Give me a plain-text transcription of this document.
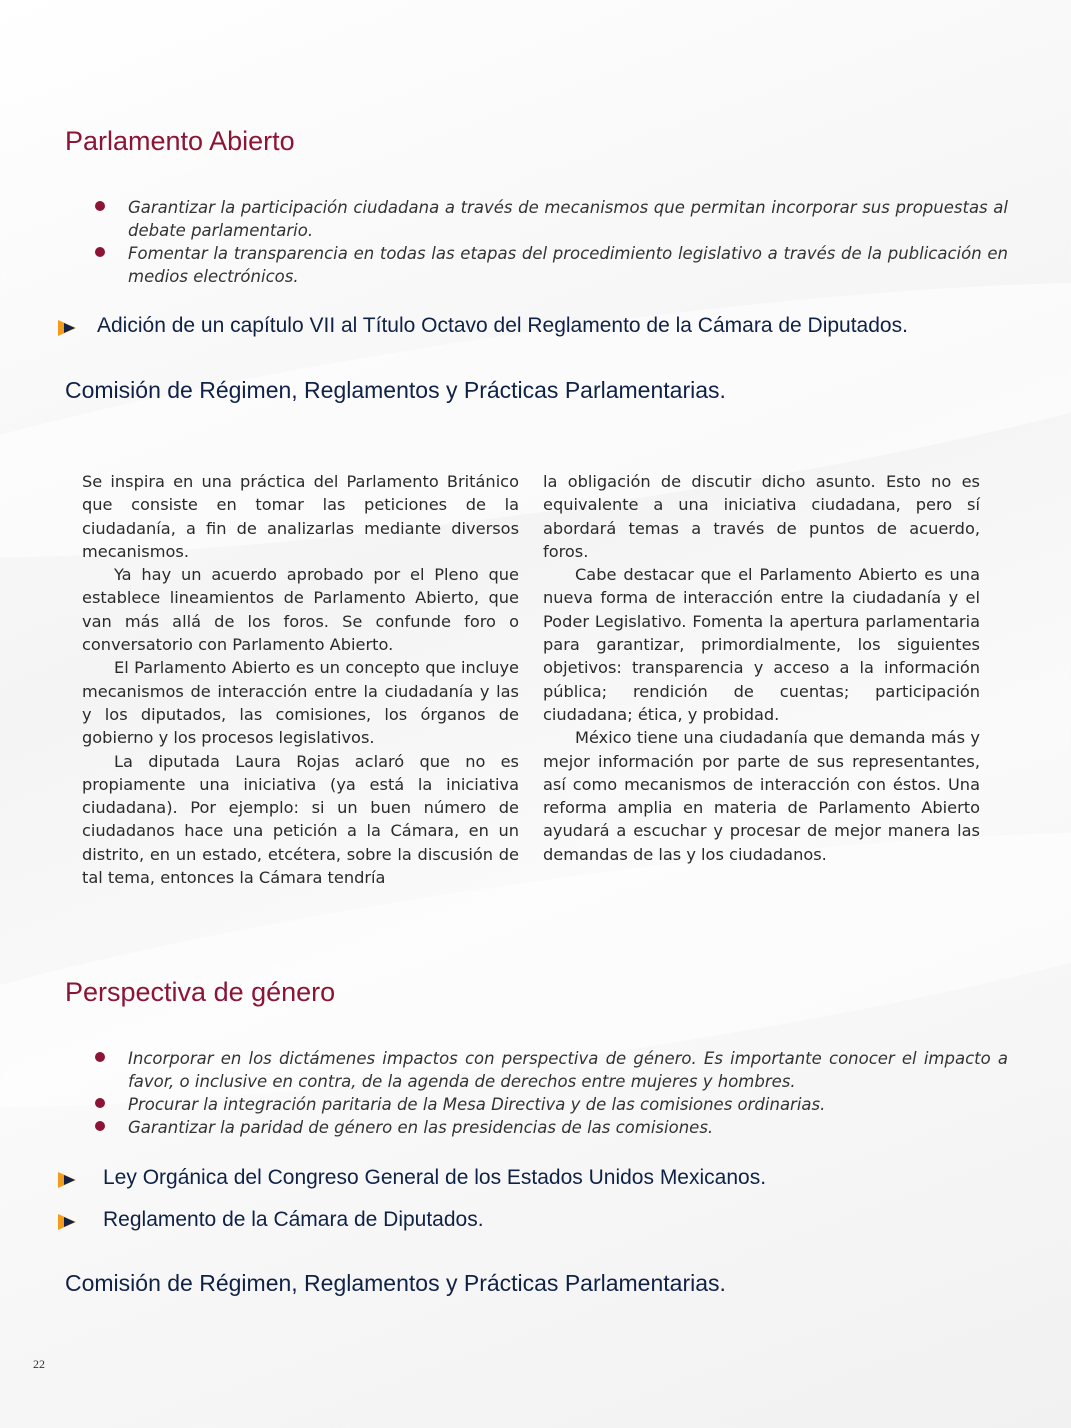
Parlamento Abierto
Garantizar la participación ciudadana a través de mecanismos que permitan incorporar sus propuestas al debate parlamentario.
Fomentar la transparencia en todas las etapas del procedimiento legislativo a través de la publicación en medios electrónicos.
Adición de un capítulo VII al Título Octavo del Reglamento de la Cámara de Diputados.

Comisión de Régimen, Reglamentos y Prácticas Parlamentarias.

Se inspira en una práctica del Parlamento Británico que consiste en tomar las peticiones de la ciudadanía, a fin de analizarlas mediante diversos mecanismos.

Ya hay un acuerdo aprobado por el Pleno que establece lineamientos de Parlamento Abierto, que van más allá de los foros. Se confunde foro o conversatorio con Parlamento Abierto.

El Parlamento Abierto es un concepto que incluye mecanismos de interacción entre la ciudadanía y las y los diputados, las comisiones, los órganos de gobierno y los procesos legislativos.

La diputada Laura Rojas aclaró que no es propiamente una iniciativa (ya está la iniciativa ciudadana). Por ejemplo: si un buen número de ciudadanos hace una petición a la Cámara, en un distrito, en un estado, etcétera, sobre la discusión de tal tema, entonces la Cámara tendría

la obligación de discutir dicho asunto. Esto no es equivalente a una iniciativa ciudadana, pero sí abordará temas a través de puntos de acuerdo, foros.

Cabe destacar que el Parlamento Abierto es una nueva forma de interacción entre la ciudadanía y el Poder Legislativo. Fomenta la apertura parlamentaria para garantizar, primordialmente, los siguientes objetivos: transparencia y acceso a la información pública; rendición de cuentas; participación ciudadana; ética, y probidad.

México tiene una ciudadanía que demanda más y mejor información por parte de sus representantes, así como mecanismos de interacción con éstos. Una reforma amplia en materia de Parlamento Abierto ayudará a escuchar y procesar de mejor manera las demandas de las y los ciudadanos.

Perspectiva de género
Incorporar en los dictámenes impactos con perspectiva de género. Es importante conocer el impacto a favor, o inclusive en contra, de la agenda de derechos entre mujeres y hombres.
Procurar la integración paritaria de la Mesa Directiva y de las comisiones ordinarias.
Garantizar la paridad de género en las presidencias de las comisiones.
Ley Orgánica del Congreso General de los Estados Unidos Mexicanos.
Reglamento de la Cámara de Diputados.

Comisión de Régimen, Reglamentos y Prácticas Parlamentarias.

22
